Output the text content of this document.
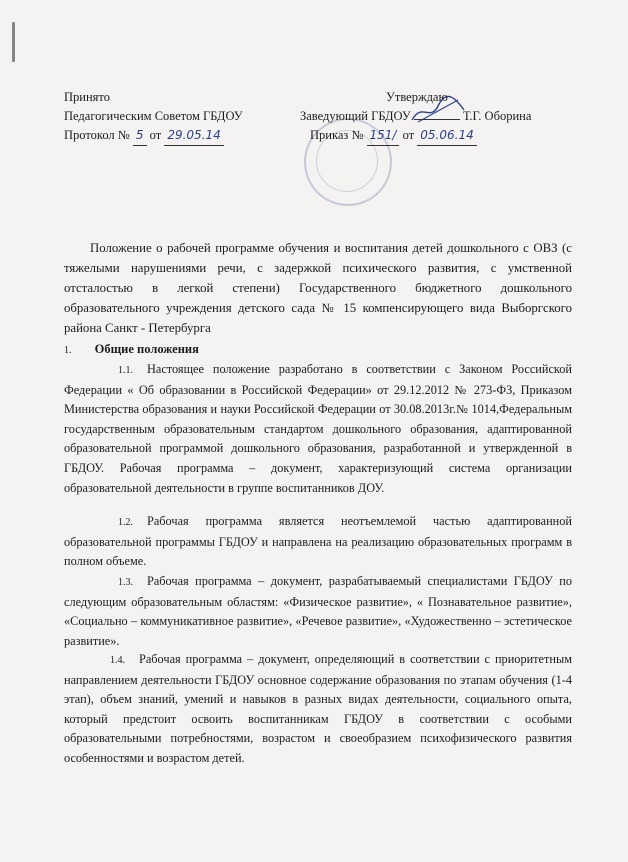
Принято
Педагогическим Советом ГБДОУ
Протокол № 5 от 29.05.14
Утверждаю
Заведующий ГБДОУ	Т.Г. Оборина
Приказ № 151/ от 05.06.14
Положение о рабочей программе обучения и воспитания детей дошкольного с ОВЗ (с тяжелыми нарушениями речи, с задержкой психического развития, с умственной отсталостью в легкой степени) Государственного бюджетного дошкольного образовательного учреждения детского сада № 15 компенсирующего вида Выборгского района Санкт - Петербурга
1. Общие положения
1.1. Настоящее положение разработано в соответствии с Законом Российской Федерации « Об образовании в Российской Федерации» от 29.12.2012 № 273-ФЗ, Приказом Министерства образования и науки Российской Федерации от 30.08.2013г.№ 1014,Федеральным государственным образовательным стандартом дошкольного образования, адаптированной образовательной программой дошкольного образования, разработанной и утвержденной в ГБДОУ. Рабочая программа – документ, характеризующий система организации образовательной деятельности в группе воспитанников ДОУ.
1.2. Рабочая программа является неотъемлемой частью адаптированной образовательной программы ГБДОУ и направлена на реализацию образовательных программ в полном объеме.
1.3. Рабочая программа – документ, разрабатываемый специалистами ГБДОУ по следующим образовательным областям: «Физическое развитие», « Познавательное развитие», «Социально – коммуникативное развитие», «Речевое развитие», «Художественно – эстетическое развитие».
1.4. Рабочая программа – документ, определяющий в соответствии с приоритетным направлением деятельности ГБДОУ основное содержание образования по этапам обучения (1-4 этап), объем знаний, умений и навыков в разных видах деятельности, социального опыта, который предстоит освоить воспитанникам ГБДОУ в соответствии с особыми образовательными потребностями, возрастом и своеобразием психофизического развития особенностями и возрастом детей.
